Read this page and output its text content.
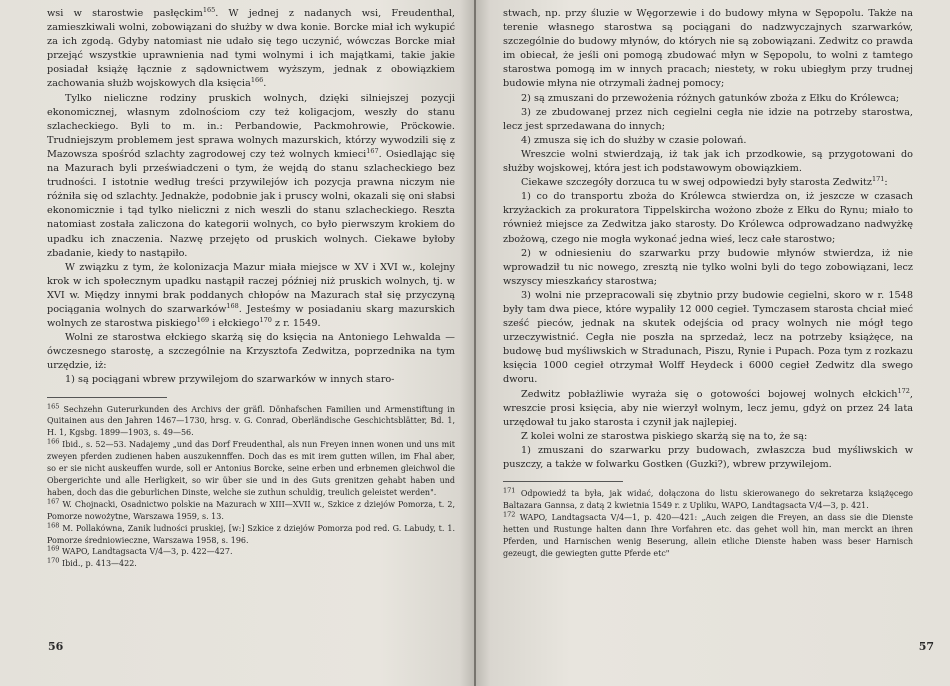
wsi w starostwie pasłęckim$^{165}$. W jednej z nadanych wsi, Freudenthal, zamieszkiwali wolni, zobowiązani do służby w dwa konie. Borcke miał ich wykupić za ich zgodą. Gdyby natomiast nie udało się tego uczynić, wówczas Borcke miał przejąć wszystkie uprawnienia nad tymi wolnymi i ich majątkami, takie jakie posiadał książę łącznie z sądownictwem wyższym, jednak z obowiązkiem zachowania służb wojskowych dla księcia$^{166}$.

Tylko nieliczne rodziny pruskich wolnych, dzięki silniejszej pozycji ekonomicznej, własnym zdolnościom czy też koligacjom, weszły do stanu szlacheckiego. Byli to m. in.: Perbandowie, Packmohrowie, Pröckowie. Trudniejszym problemem jest sprawa wolnych mazurskich, którzy wywodzili się z Mazowsza spośród szlachty zagrodowej czy też wolnych kmieci$^{167}$. Osiedlając się na Mazurach byli przeświadczeni o tym, że wejdą do stanu szlacheckiego bez trudności. I istotnie według treści przywilejów ich pozycja prawna niczym nie różniła się od szlachty. Jednakże, podobnie jak i pruscy wolni, okazali się oni słabsi ekonomicznie i tąd tylko nieliczni z nich weszli do stanu szlacheckiego. Reszta natomiast została zaliczona do kategorii wolnych, co było pierwszym krokiem do upadku ich znaczenia. Nazwę przejęto od pruskich wolnych. Ciekawe byłoby zbadanie, kiedy to nastąpiło.

W związku z tym, że kolonizacja Mazur miała miejsce w XV i XVI w., kolejny krok w ich społecznym upadku nastąpił raczej później niż pruskich wolnych, tj. w XVI w. Między innymi brak poddanych chłopów na Mazurach stał się przyczyną pociągania wolnych do szarwarków$^{168}$. Jesteśmy w posiadaniu skarg mazurskich wolnych ze starostwa piskiego$^{169}$ i ełckiego$^{170}$ z r. 1549.

Wolni ze starostwa ełckiego skarżą się do księcia na Antoniego Lehwalda — ówczesnego starostę, a szczególnie na Krzysztofa Zedwitza, poprzednika na tym urzędzie, iż:

1) są pociągani wbrew przywilejom do szarwarków w innych staro-

$^{165}$ Sechzehn Guterurkunden des Archivs der gräfl. Dönhafschen Familien und Armenstiftung in Quitainen aus den Jahren 1467—1730, hrsg. v. G. Conrad, Oberländische Geschichtsblätter, Bd. 1, H. 1, Kgsbg. 1899—1903, s. 49—56.

$^{166}$ Ibid., s. 52—53. Nadajemy „und das Dorf Freudenthal, als nun Freyen innen wonen und uns mit zweyen pferden zudienen haben auszukennffen. Doch das es mit irem gutten willen, im Fhal aber, so er sie nicht auskeuffen wurde, soll er Antonius Borcke, seine erben und erbnemen gleichwol die Obergerichte und alle Herligkeit, so wir über sie und in des Guts grenitzen gehabt haben und haben, doch das die geburlichen Dinste, welche sie zuthun schuldig, treulich geleistet werden".

$^{167}$ W. Chojnacki, Osadnictwo polskie na Mazurach w XIII—XVII w., Szkice z dziejów Pomorza, t. 2, Pomorze nowożytne, Warszawa 1959, s. 13.

$^{168}$ M. Pollakówna, Zanik ludności pruskiej, [w:] Szkice z dziejów Pomorza pod red. G. Labudy, t. 1. Pomorze średniowieczne, Warszawa 1958, s. 196.

$^{169}$ WAPO, Landtagsacta V/4—3, p. 422—427.

$^{170}$ Ibid., p. 413—422.

56

stwach, np. przy śluzie w Węgorzewie i do budowy młyna w Sępopolu. Także na terenie własnego starostwa są pociągani do nadzwyczajnych szarwarków, szczególnie do budowy młynów, do których nie są zobowiązani. Zedwitz co prawda im obiecał, że jeśli oni pomogą zbudować młyn w Sępopolu, to wolni z tamtego starostwa pomogą im w innych pracach; niestety, w roku ubiegłym przy trudnej budowie młyna nie otrzymali żadnej pomocy;

2) są zmuszani do przewożenia różnych gatunków zboża z Ełku do Królewca;

3) ze zbudowanej przez nich cegielni cegła nie idzie na potrzeby starostwa, lecz jest sprzedawana do innych;

4) zmusza się ich do służby w czasie polowań.

Wreszcie wolni stwierdzają, iż tak jak ich przodkowie, są przygotowani do służby wojskowej, która jest ich podstawowym obowiązkiem.

Ciekawe szczegóły dorzuca tu w swej odpowiedzi były starosta Zedwitz$^{171}$:

1) co do transportu zboża do Królewca stwierdza on, iż jeszcze w czasach krzyżackich za prokuratora Tippelskircha wożono zboże z Ełku do Rynu; miało to również miejsce za Zedwitza jako starosty. Do Królewca odprowadzano nadwyżkę zbożową, czego nie mogła wykonać jedna wieś, lecz całe starostwo;

2) w odniesieniu do szarwarku przy budowie młynów stwierdza, iż nie wprowadził tu nic nowego, zresztą nie tylko wolni byli do tego zobowiązani, lecz wszyscy mieszkańcy starostwa;

3) wolni nie przepracowali się zbytnio przy budowie cegielni, skoro w r. 1548 były tam dwa piece, które wypaliły 12 000 cegieł. Tymczasem starosta chciał mieć sześć pieców, jednak na skutek odejścia od pracy wolnych nie mógł tego urzeczywistnić. Cegła nie poszła na sprzedaż, lecz na potrzeby książęce, na budowę bud myśliwskich w Stradunach, Piszu, Rynie i Pupach. Poza tym z rozkazu księcia 1000 cegieł otrzymał Wolff Heydeck i 6000 cegieł Zedwitz dla swego dworu.

Zedwitz pobłażliwie wyraża się o gotowości bojowej wolnych ełckich$^{172}$, wreszcie prosi księcia, aby nie wierzył wolnym, lecz jemu, gdyż on przez 24 lata urzędował tu jako starosta i czynił jak najlepiej.

Z kolei wolni ze starostwa piskiego skarżą się na to, że są:

1) zmuszani do szarwarku przy budowach, zwłaszcza bud myśliwskich w puszczy, a także w folwarku Gostken (Guzki?), wbrew przywilejom.

$^{171}$ Odpowiedź ta była, jak widać, dołączona do listu skierowanego do sekretarza książęcego Baltazara Gannsa, z datą 2 kwietnia 1549 r. z Upliku, WAPO, Landtagsacta V/4—3, p. 421.

$^{172}$ WAPO, Landtagsacta V/4—1, p. 420—421: „Auch zeigen die Freyen, an dass sie die Dienste hetten und Rustunge halten dann Ihre Vorfahren etc. das gehet woll hin, man merckt an ihren Pferden, und Harnischen wenig Beserung, allein etliche Dienste haben wass beser Harnisch gezeugt, die gewiegten gutte Pferde etc"

57
